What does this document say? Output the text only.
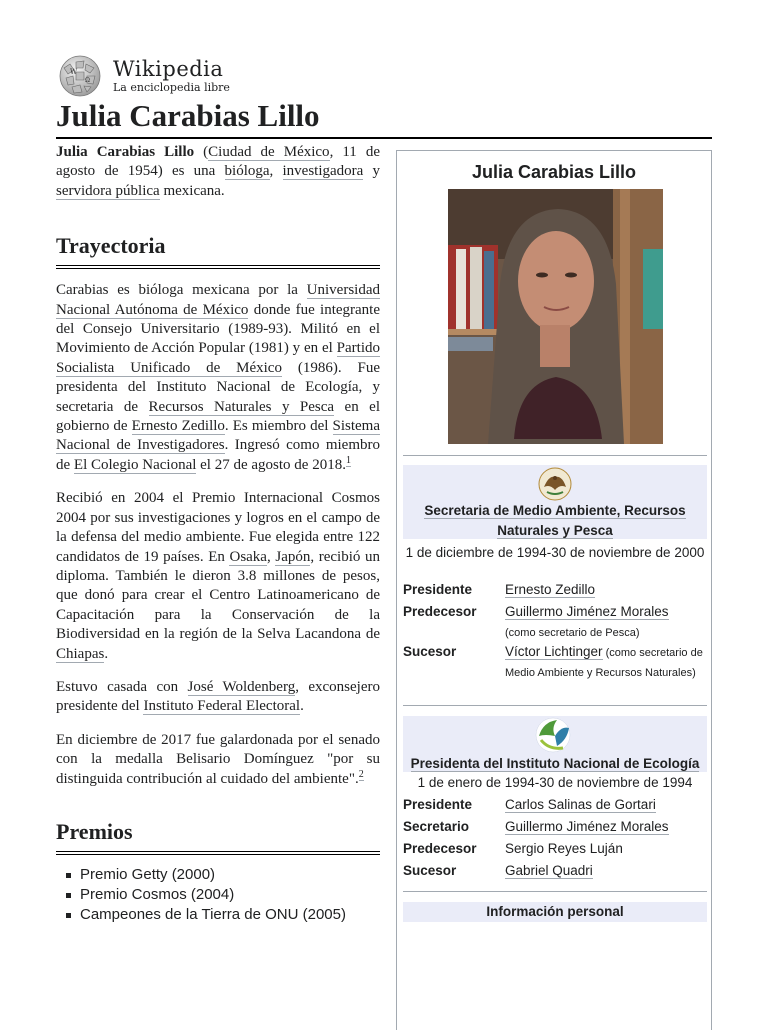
W
Ω Wikipedia
La enciclopedia libre
Julia Carabias Lillo

Julia Carabias Lillo (Ciudad de México, 11 de agosto de 1954) es una bióloga, investigadora y servidora pública mexicana.

Trayectoria

Carabias es bióloga mexicana por la Universidad Nacional Autónoma de México donde fue integrante del Consejo Universitario (1989-93). Militó en el Movimiento de Acción Popular (1981) y en el Partido Socialista Unificado de México (1986). Fue presidenta del Instituto Nacional de Ecología, y secretaria de Recursos Naturales y Pesca en el gobierno de Ernesto Zedillo. Es miembro del Sistema Nacional de Investigadores. Ingresó como miembro de El Colegio Nacional el 27 de agosto de 2018.$^1$

Recibió en 2004 el Premio Internacional Cosmos 2004 por sus investigaciones y logros en el campo de la defensa del medio ambiente. Fue elegida entre 122 candidatos de 19 países. En Osaka, Japón, recibió un diploma. También le dieron 3.8 millones de pesos, que donó para crear el Centro Latinoamericano de Capacitación para la Conservación de la Biodiversidad en la región de la Selva Lacandona de Chiapas.

Estuvo casada con José Woldenberg, exconsejero presidente del Instituto Federal Electoral.

En diciembre de 2017 fue galardonada por el senado con la medalla Belisario Domínguez "por su distinguida contribución al cuidado del ambiente".$^2$

Premios
Premio Getty (2000)
Premio Cosmos (2004)
Campeones de la Tierra de ONU (2005)
Julia Carabias Lillo
Secretaria de Medio Ambiente, Recursos Naturales y Pesca
1 de diciembre de 1994-30 de noviembre de 2000
Presidente	Ernesto Zedillo
Predecesor	Guillermo Jiménez Morales
(como secretario de Pesca)
Sucesor	Víctor Lichtinger (como secretario de Medio Ambiente y Recursos Naturales)
Presidenta del Instituto Nacional de Ecología
1 de enero de 1994-30 de noviembre de 1994
Presidente	Carlos Salinas de Gortari
Secretario	Guillermo Jiménez Morales
Predecesor	Sergio Reyes Luján
Sucesor	Gabriel Quadri
Información personal
